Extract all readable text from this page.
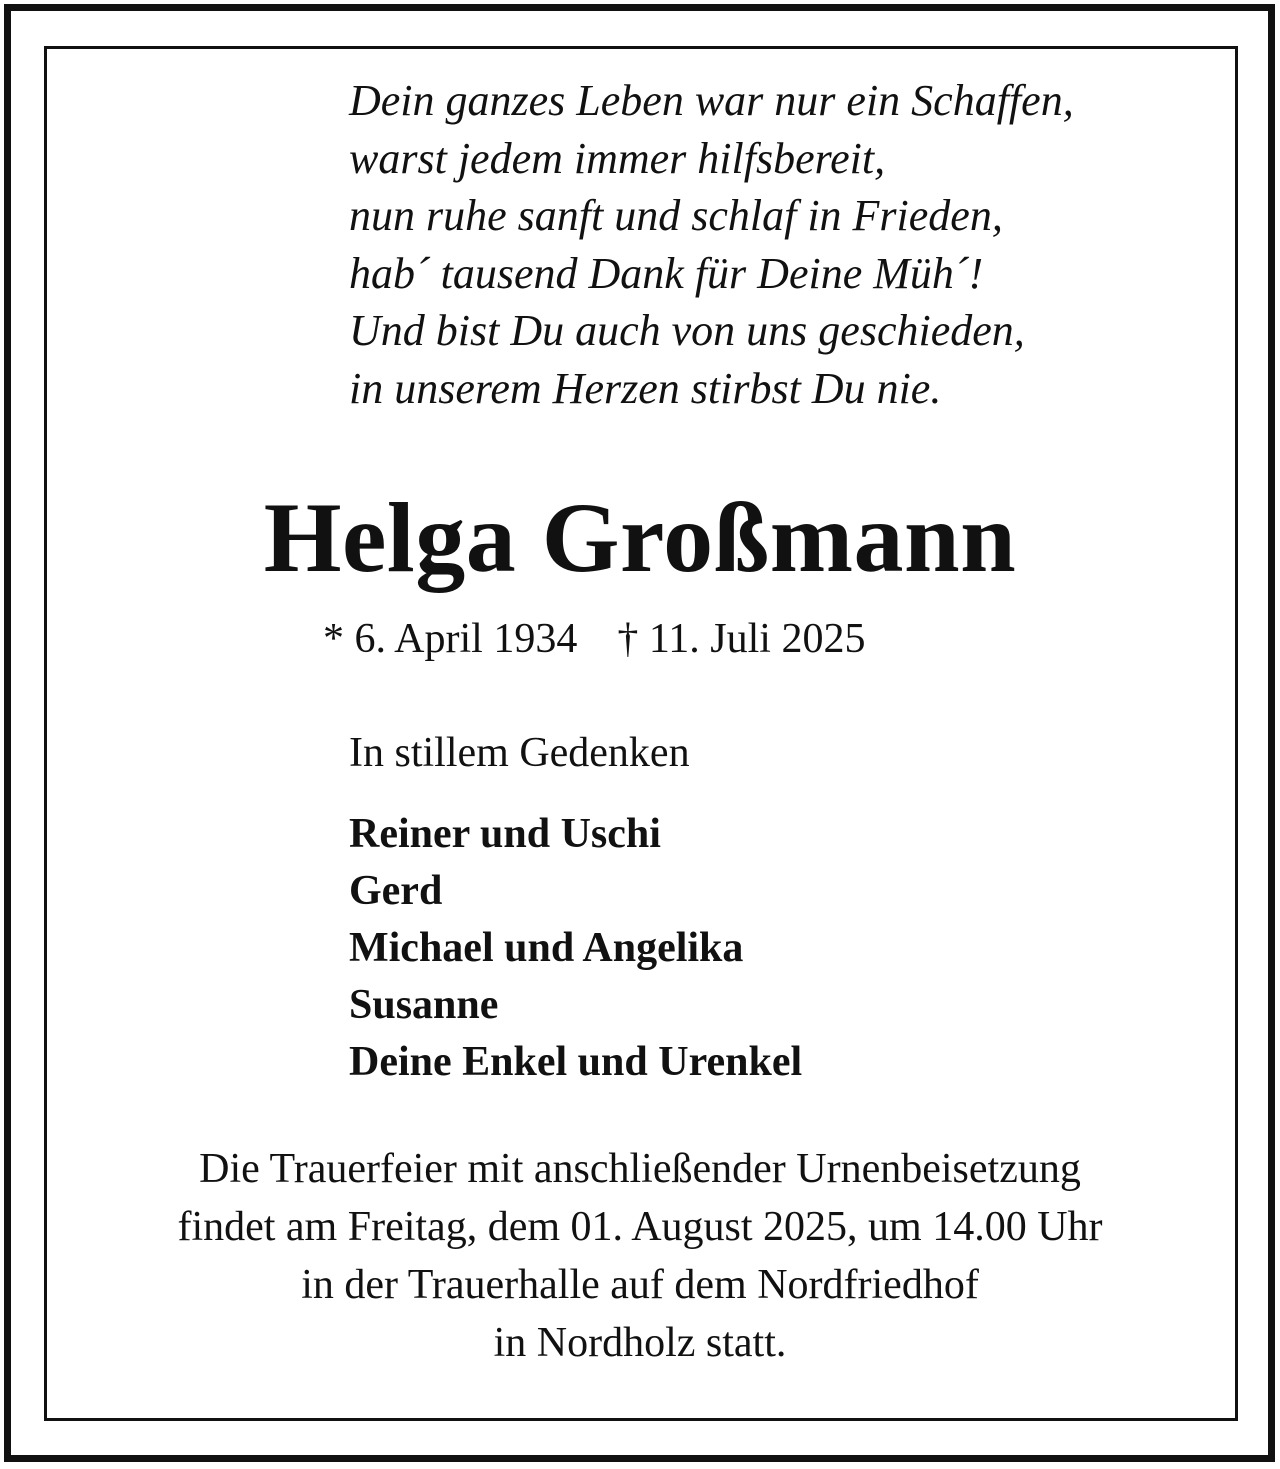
Dein ganzes Leben war nur ein Schaffen,
warst jedem immer hilfsbereit,
nun ruhe sanft und schlaf in Frieden,
hab´ tausend Dank für Deine Müh´!
Und bist Du auch von uns geschieden,
in unserem Herzen stirbst Du nie.
Helga Großmann
* 6. April 1934 † 11. Juli 2025
In stillem Gedenken
Reiner und Uschi
Gerd
Michael und Angelika
Susanne
Deine Enkel und Urenkel
Die Trauerfeier mit anschließender Urnenbeisetzung
findet am Freitag, dem 01. August 2025, um 14.00 Uhr
in der Trauerhalle auf dem Nordfriedhof
in Nordholz statt.
